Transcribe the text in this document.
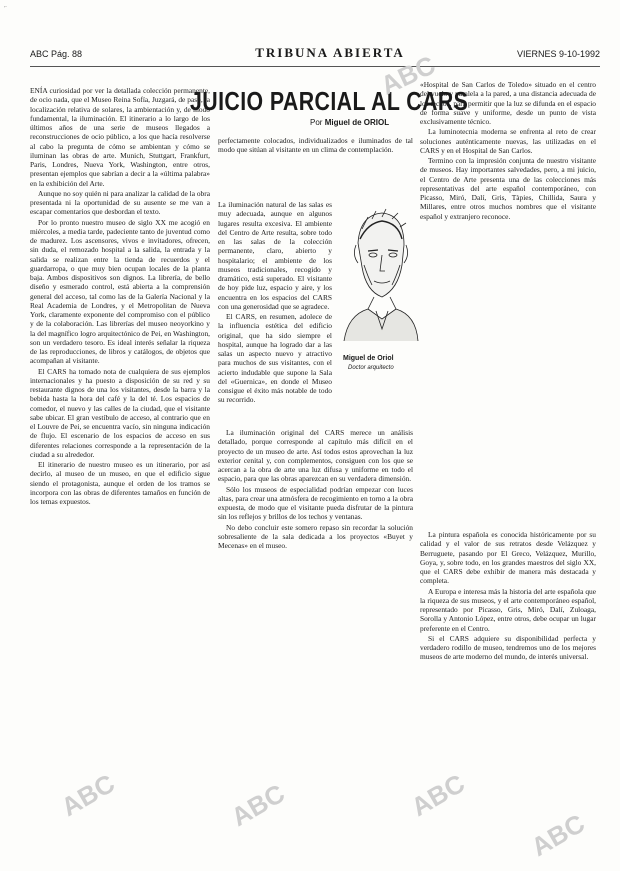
⌐
ABC Pág. 88	TRIBUNA ABIERTA	VIERNES 9-10-1992
JUICIO PARCIAL AL CARS
Por Miguel de ORIOL

ENÍA curiosidad por ver la detallada colección permanente, de ocio nada, que el Museo Reina Sofía, Juzgará, de paso, la localización relativa de solares, la ambientación y, de modo fundamental, la iluminación. El itinerario a lo largo de los últimos años de una serie de museos llegados a reconstrucciones de ocio público, a los que hacía resolverse al cabo la pregunta de cómo se ambientan y cómo se iluminan las obras de arte. Munich, Stuttgart, Frankfurt, Paris, Londres, Nueva York, Washington, entre otros, presentan ejemplos que sabrían a decir a la «última palabra» en la exhibición del Arte.

Aunque no soy quién ni para analizar la calidad de la obra presentada ni la oportunidad de su ausente se me van a escapar comentarios que desbordan el texto.

Por lo pronto nuestro museo de siglo XX me acogió en miércoles, a media tarde, padeciente tanto de juventud como de madurez. Los ascensores, vivos e invitadores, ofrecen, sin duda, el remozado hospital a la salida, la entrada y la salida se realizan entre la tienda de recuerdos y el guardarropa, o que muy bien ocupan locales de la planta baja. Ambos dispositivos son dignos. La librería, de bello diseño y esmerado control, está abierta a la comprensión general del acceso, tal como las de la Galería Nacional y la Real Academia de Londres, y el Metropolitan de Nueva York, claramente exponente del compromiso con el público y de la colaboración. Las librerías del museo neoyorkino y la del magnífico logro arquitectónico de Pei, en Washington, son un verdadero tesoro. Es ideal interés señalar la riqueza de las reproducciones, de libros y catálogos, de objetos que acompañan al visitante.

El CARS ha tomado nota de cualquiera de sus ejemplos internacionales y ha puesto a disposición de su red y su restaurante dignos de una los visitantes, desde la barra y la bebida hasta la hora del café y la del té. Los espacios de comedor, el nuevo y las calles de la ciudad, que el visitante sabe ubicar. El gran vestíbulo de acceso, al contrario que en el Louvre de Pei, se encuentra vacío, sin ninguna indicación de flujo. El escenario de los espacios de acceso en sus diferentes relaciones corresponde a la representación de la ciudad a su alrededor.

El itinerario de nuestro museo es un itinerario, por así decirlo, al museo de un museo, en que el edificio sigue siendo el protagonista, aunque el orden de los tramos se incorpora con las obras de diferentes tamaños en función de los temas expuestos.

perfectamente colocados, individualizados e iluminados de tal modo que sitúan al visitante en un clima de contemplación.

La iluminación natural de las salas es muy adecuada, aunque en algunos lugares resulta excesiva. El ambiente del Centro de Arte resulta, sobre todo en las salas de la colección permanente, claro, abierto y hospitalario; el ambiente de los museos tradicionales, recogido y dramático, está superado. El visitante de hoy pide luz, espacio y aire, y los encuentra en los espacios del CARS con una generosidad que se agradece.

El CARS, en resumen, adolece de la influencia estética del edificio original, que ha sido siempre el hospital, aunque ha logrado dar a las salas un aspecto nuevo y atractivo para muchos de sus visitantes, con el acierto indudable que supone la Sala del «Guernica», en donde el Museo consigue el éxito más notable de todo su recorrido.

La iluminación original del CARS merece un análisis detallado, porque corresponde al capítulo más difícil en el proyecto de un museo de arte. Así todos estos aprovechan la luz exterior cenital y, con complementos, consiguen con los que se acercan a la obra de arte una luz difusa y uniforme en todo el espacio, para que las obras aparezcan en su verdadera dimensión.

Sólo los museos de especialidad podrían empezar con luces altas, para crear una atmósfera de recogimiento en torno a la obra expuesta, de modo que el visitante pueda disfrutar de la pintura sin los reflejos y brillos de los techos y ventanas.

No debo concluir este somero repaso sin recordar la solución sobresaliente de la sala dedicada a los proyectos «Buyet y Mecenas» en el museo.

Miguel de Oriol
Doctor arquitecto

«Hospital de San Carlos de Toledo» situado en el centro del vuelo y paralela a la pared, a una distancia adecuada de los techos, para permitir que la luz se difunda en el espacio de forma suave y uniforme, desde un punto de vista exclusivamente técnico.

La luminotecnia moderna se enfrenta al reto de crear soluciones auténticamente nuevas, las utilizadas en el CARS y en el Hospital de San Carlos.

Termino con la impresión conjunta de nuestro visitante de museos. Hay importantes salvedades, pero, a mi juicio, el Centro de Arte presenta una de las colecciones más representativas del arte español contemporáneo, con Picasso, Miró, Dalí, Gris, Tàpies, Chillida, Saura y Millares, entre otros muchos nombres que el visitante español y extranjero reconoce.

La pintura española es conocida históricamente por su calidad y el valor de sus retratos desde Velázquez y Berruguete, pasando por El Greco, Velázquez, Murillo, Goya, y, sobre todo, en los grandes maestros del siglo XX, que el CARS debe exhibir de manera más destacada y completa.

A Europa e interesa más la historia del arte española que la riqueza de sus museos, y el arte contemporáneo español, representado por Picasso, Gris, Miró, Dalí, Zuloaga, Sorolla y Antonio López, entre otros, debe ocupar un lugar preferente en el Centro.

Si el CARS adquiere su disponibilidad perfecta y verdadero rodillo de museo, tendremos uno de los mejores museos de arte moderno del mundo, de interés universal.

ABC
ABC	ABC	ABC
ABC
